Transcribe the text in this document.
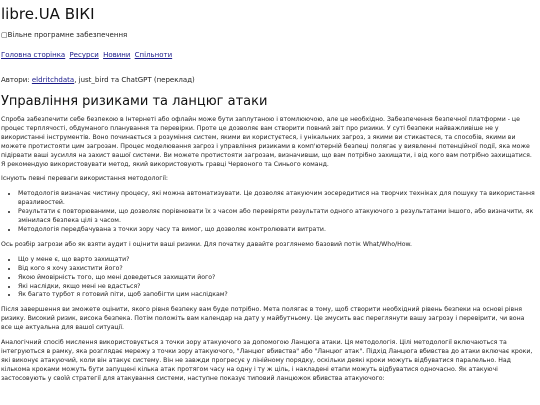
libre.UA ВІКІ
▢Вільне програмне забезпечення
Головна сторінка Ресурси Новини Спільноти
Автори: eldritchdata, just_bird та ChatGPT (переклад)
Управління ризиками та ланцюг атаки

Спроба забезпечити себе безпекою в Інтернеті або офлайн може бути заплутаною і втомлюючою, але це необхідно. Забезпечення безпечної платформи - це процес терплячості, обдуманого планування та перевірки. Проте це дозволяє вам створити повний звіт про ризики. У суті безпеки найважливіше не у використанні інструментів. Воно починається з розуміння систем, якими ви користуєтеся, і унікальних загроз, з якими ви стикаєтеся, та способів, якими ви можете протистояти цим загрозам. Процес моделювання загроз і управління ризиками в комп'ютерній безпеці полягає у виявленні потенційної події, яка може підірвати ваші зусилля на захист вашої системи. Ви можете протистояти загрозам, визначивши, що вам потрібно захищати, і від кого вам потрібно захищатися. Я рекомендую використовувати метод, який використовують гравці Червоного та Синього команд.

Існують певні переваги використання методології:

• Методологія визначає чистину процесу, які можна автоматизувати. Це дозволяє атакуючим зосередитися на творчих техніках для пошуку та використання вразливостей.
• Результати є повторюваними, що дозволяє порівнювати їх з часом або перевіряти результати одного атакуючого з результатами іншого, або визначити, як змінилася безпека цілі з часом.
• Методологія передбачувана з точки зору часу та вимог, що дозволяє контролювати витрати.

Ось розбір загрози або як взяти аудит і оцінити ваші ризики. Для початку давайте розглянемо базовий потік What/Who/How.

• Що у мене є, що варто захищати?
• Від кого я хочу захистити його?
• Якою ймовірність того, що мені доведеться захищати його?
• Які наслідки, якщо мені не вдасться?
• Як багато турбот я готовий піти, щоб запобігти цим наслідкам?

Після завершення ви зможете оцінити, якого рівня безпеку вам буде потрібно. Мета полягає в тому, щоб створити необхідний рівень безпеки на основі рівня ризику. Високий ризик, висока безпека. Потім положіть вам календар на дату у майбутньому. Це змусить вас переглянути вашу загрозу і перевірити, чи вона все ще актуальна для вашої ситуації.

Аналогічний спосіб мислення використовується з точки зору атакуючого за допомогою Ланцюга атаки. Ця методологія. Цілі методології включаються та інтегруються в рамку, яка розглядає мережу з точки зору атакуючого, "Ланцюг вбивства" або "Ланцюг атак". Підхід Ланцюга вбивства до атаки включає кроки, які виконує атакуючий, коли він атакує систему. Він не завжди прогресує у лінійному порядку, оскільки деякі кроки можуть відбуватися паралельно. Над кількома кроками можуть бути запущені кілька атак протягом часу на одну і ту ж ціль, і накладені етапи можуть відбуватися одночасно. Як атакуючі застосовують у своїй стратегії для атакування системи, наступне показує типовий ланцюжок вбивства атакуючого:
